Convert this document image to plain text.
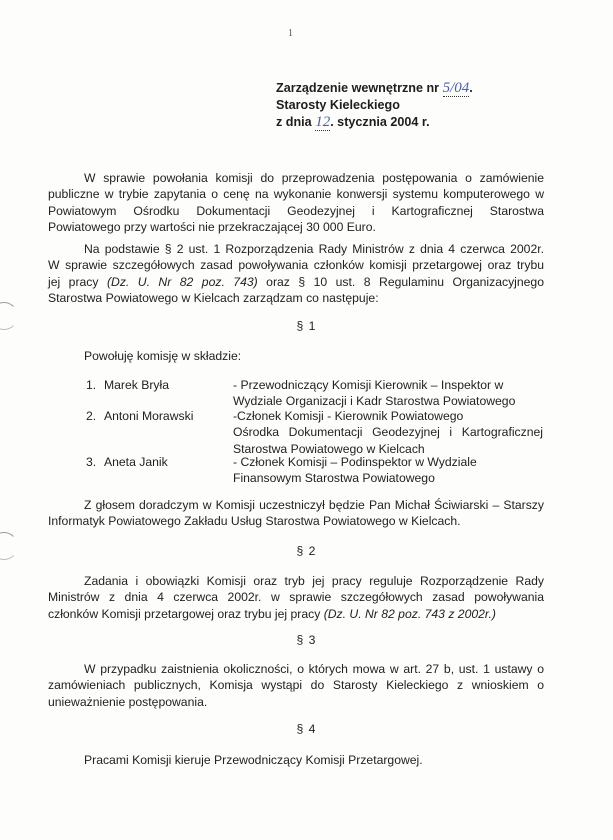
1
Zarządzenie wewnętrzne nr 5/04.
Starosty Kieleckiego
z dnia 12. stycznia 2004 r.
W sprawie powołania komisji do przeprowadzenia postępowania o zamówienie
publiczne w trybie zapytania o cenę na wykonanie konwersji systemu komputerowego w
Powiatowym Ośrodku Dokumentacji Geodezyjnej i Kartograficznej Starostwa
Powiatowego przy wartości nie przekraczającej 30 000 Euro.
Na podstawie § 2 ust. 1 Rozporządzenia Rady Ministrów z dnia 4 czerwca 2002r.
W sprawie szczegółowych zasad powoływania członków komisji przetargowej oraz trybu
jej pracy (Dz. U. Nr 82 poz. 743) oraz § 10 ust. 8 Regulaminu Organizacyjnego
Starostwa Powiatowego w Kielcach zarządzam co następuje:
§ 1
Powołuję komisję w składzie:
1. Marek Bryła	- Przewodniczący Komisji Kierownik – Inspektor w
Wydziale Organizacji i Kadr Starostwa Powiatowego
2. Antoni Morawski	-Członek Komisji - Kierownik Powiatowego
Ośrodka Dokumentacji Geodezyjnej i Kartograficznej
Starostwa Powiatowego w Kielcach
3. Aneta Janik	- Członek Komisji – Podinspektor w Wydziale
Finansowym Starostwa Powiatowego
Z głosem doradczym w Komisji uczestniczył będzie Pan Michał Ściwiarski – Starszy
Informatyk Powiatowego Zakładu Usług Starostwa Powiatowego w Kielcach.
§ 2
Zadania i obowiązki Komisji oraz tryb jej pracy reguluje Rozporządzenie Rady
Ministrów z dnia 4 czerwca 2002r. w sprawie szczegółowych zasad powoływania
członków Komisji przetargowej oraz trybu jej pracy (Dz. U. Nr 82 poz. 743 z 2002r.)
§ 3
W przypadku zaistnienia okoliczności, o których mowa w art. 27 b, ust. 1 ustawy o
zamówieniach publicznych, Komisja wystąpi do Starosty Kieleckiego z wnioskiem o
unieważnienie postępowania.
§ 4
Pracami Komisji kieruje Przewodniczący Komisji Przetargowej.
